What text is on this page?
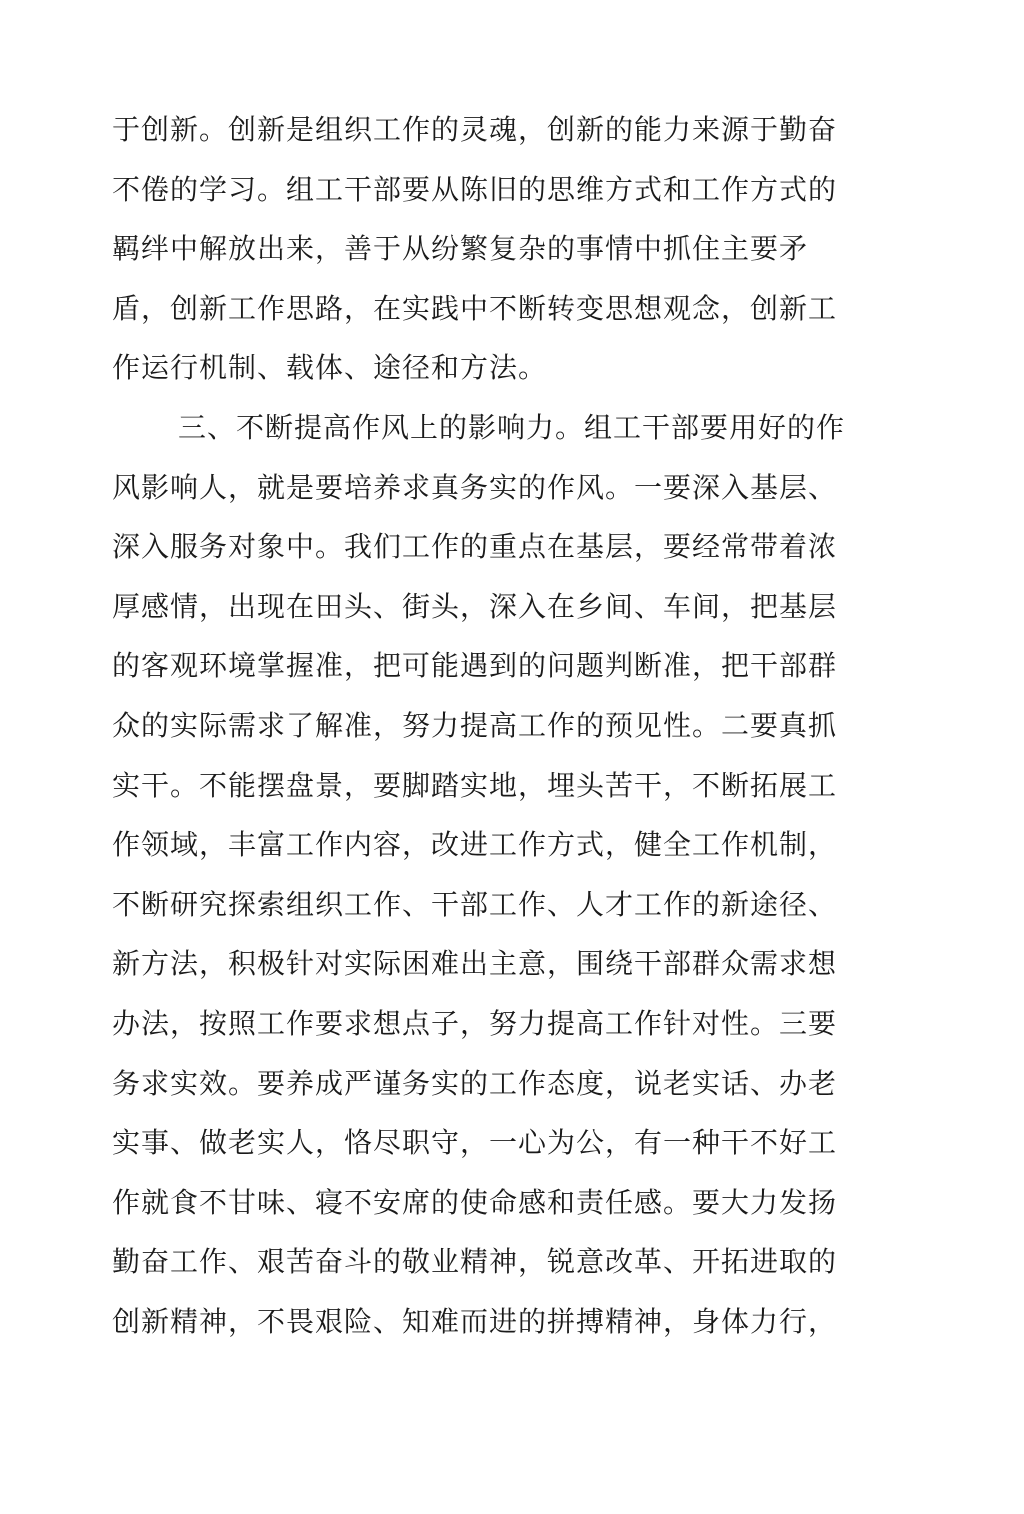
于创新。创新是组织工作的灵魂，创新的能力来源于勤奋
不倦的学习。组工干部要从陈旧的思维方式和工作方式的
羁绊中解放出来，善于从纷繁复杂的事情中抓住主要矛
盾，创新工作思路，在实践中不断转变思想观念，创新工
作运行机制、载体、途径和方法。
三、不断提高作风上的影响力。组工干部要用好的作
风影响人，就是要培养求真务实的作风。一要深入基层、
深入服务对象中。我们工作的重点在基层，要经常带着浓
厚感情，出现在田头、街头，深入在乡间、车间，把基层
的客观环境掌握准，把可能遇到的问题判断准，把干部群
众的实际需求了解准，努力提高工作的预见性。二要真抓
实干。不能摆盘景，要脚踏实地，埋头苦干，不断拓展工
作领域，丰富工作内容，改进工作方式，健全工作机制，
不断研究探索组织工作、干部工作、人才工作的新途径、
新方法，积极针对实际困难出主意，围绕干部群众需求想
办法，按照工作要求想点子，努力提高工作针对性。三要
务求实效。要养成严谨务实的工作态度，说老实话、办老
实事、做老实人，恪尽职守，一心为公，有一种干不好工
作就食不甘味、寝不安席的使命感和责任感。要大力发扬
勤奋工作、艰苦奋斗的敬业精神，锐意改革、开拓进取的
创新精神，不畏艰险、知难而进的拼搏精神，身体力行，
